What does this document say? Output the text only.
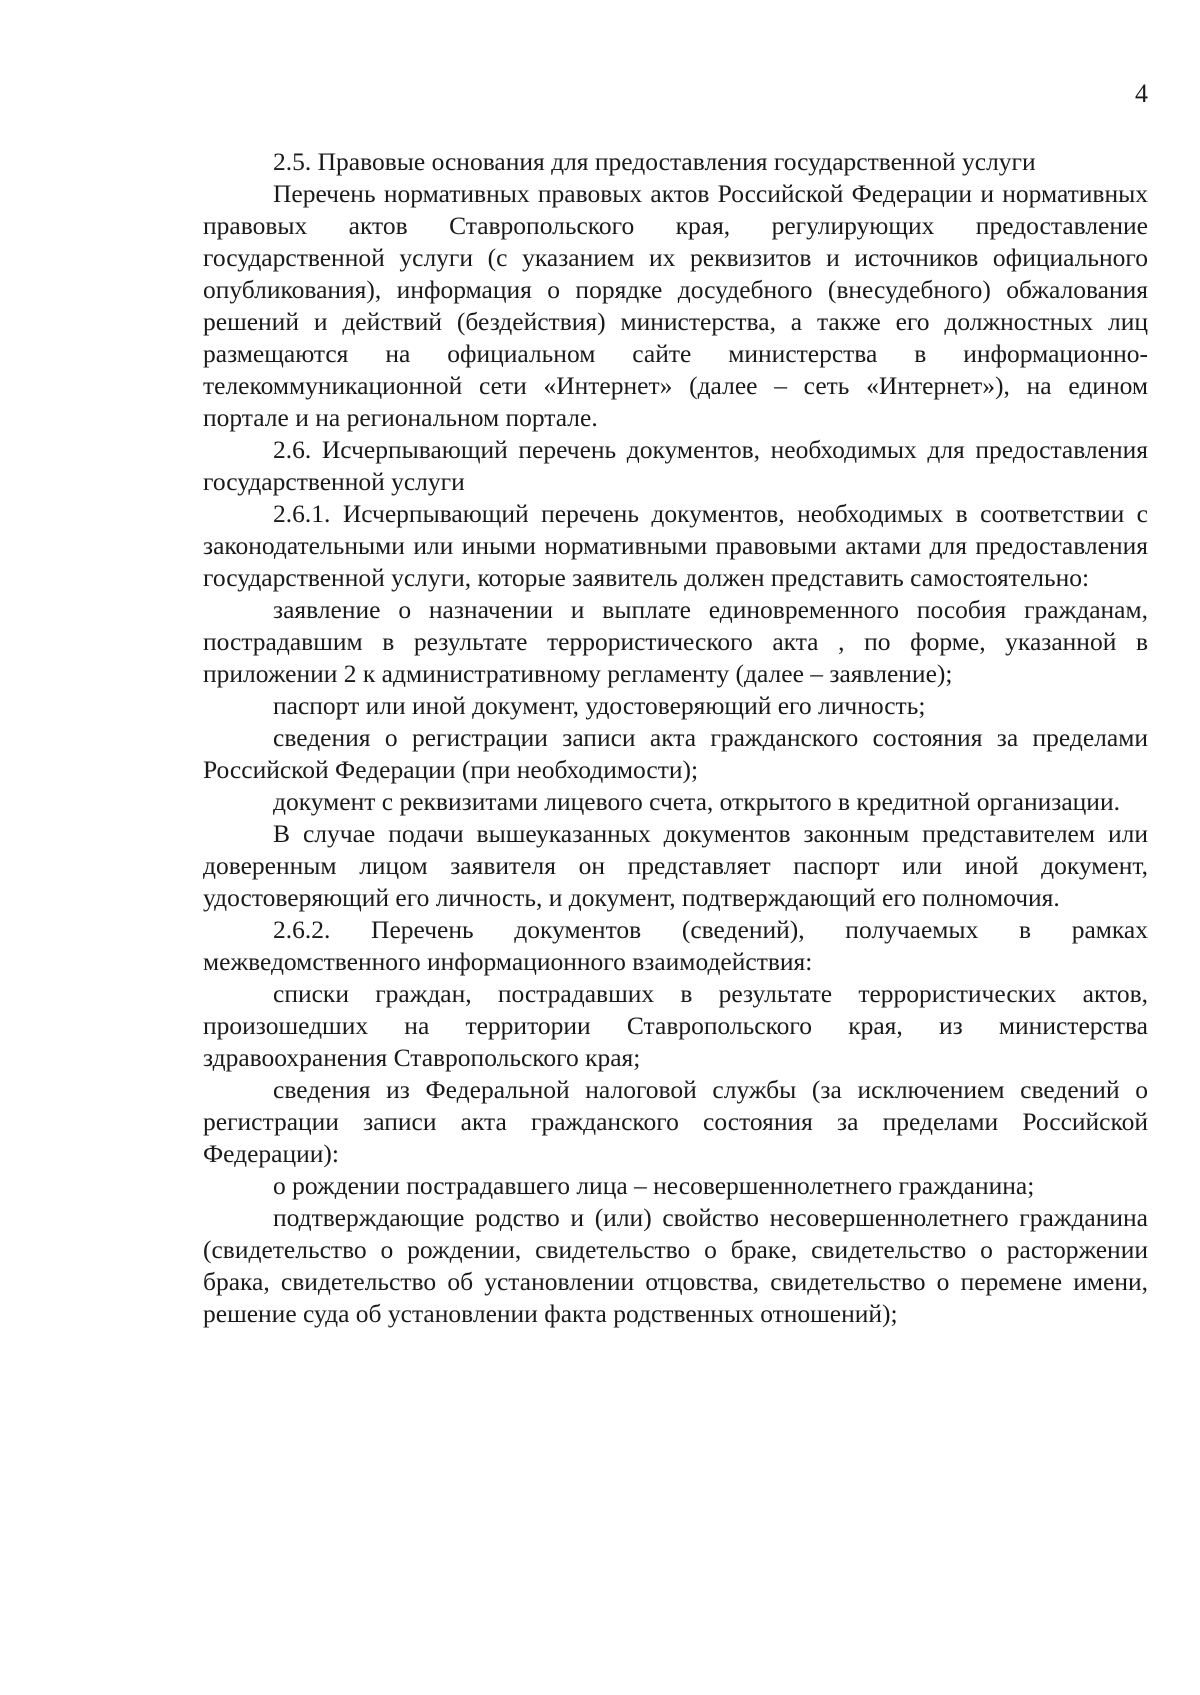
4

2.5. Правовые основания для предоставления государственной услуги

Перечень нормативных правовых актов Российской Федерации и нормативных правовых актов Ставропольского края, регулирующих предоставление государственной услуги (с указанием их реквизитов и источников официального опубликования), информация о порядке досудебного (внесудебного) обжалования решений и действий (бездействия) министерства, а также его должностных лиц размещаются на официальном сайте министерства в информационно-телекоммуникационной сети «Интернет» (далее – сеть «Интернет»), на едином портале и на региональном портале.

2.6. Исчерпывающий перечень документов, необходимых для предоставления государственной услуги

2.6.1. Исчерпывающий перечень документов, необходимых в соответствии с законодательными или иными нормативными правовыми актами для предоставления государственной услуги, которые заявитель должен представить самостоятельно:

заявление о назначении и выплате единовременного пособия гражданам, пострадавшим в результате террористического акта , по форме, указанной в приложении 2 к административному регламенту (далее – заявление);

паспорт или иной документ, удостоверяющий его личность;

сведения о регистрации записи акта гражданского состояния за пределами Российской Федерации (при необходимости);

документ с реквизитами лицевого счета, открытого в кредитной организации.

В случае подачи вышеуказанных документов законным представителем или доверенным лицом заявителя он представляет паспорт или иной документ, удостоверяющий его личность, и документ, подтверждающий его полномочия.

2.6.2. Перечень документов (сведений), получаемых в рамках межведомственного информационного взаимодействия:

списки граждан, пострадавших в результате террористических актов, произошедших на территории Ставропольского края, из министерства здравоохранения Ставропольского края;

сведения из Федеральной налоговой службы (за исключением сведений о регистрации записи акта гражданского состояния за пределами Российской Федерации):

о рождении пострадавшего лица – несовершеннолетнего гражданина;

подтверждающие родство и (или) свойство несовершеннолетнего гражданина (свидетельство о рождении, свидетельство о браке, свидетельство о расторжении брака, свидетельство об установлении отцовства, свидетельство о перемене имени, решение суда об установлении факта родственных отношений);
